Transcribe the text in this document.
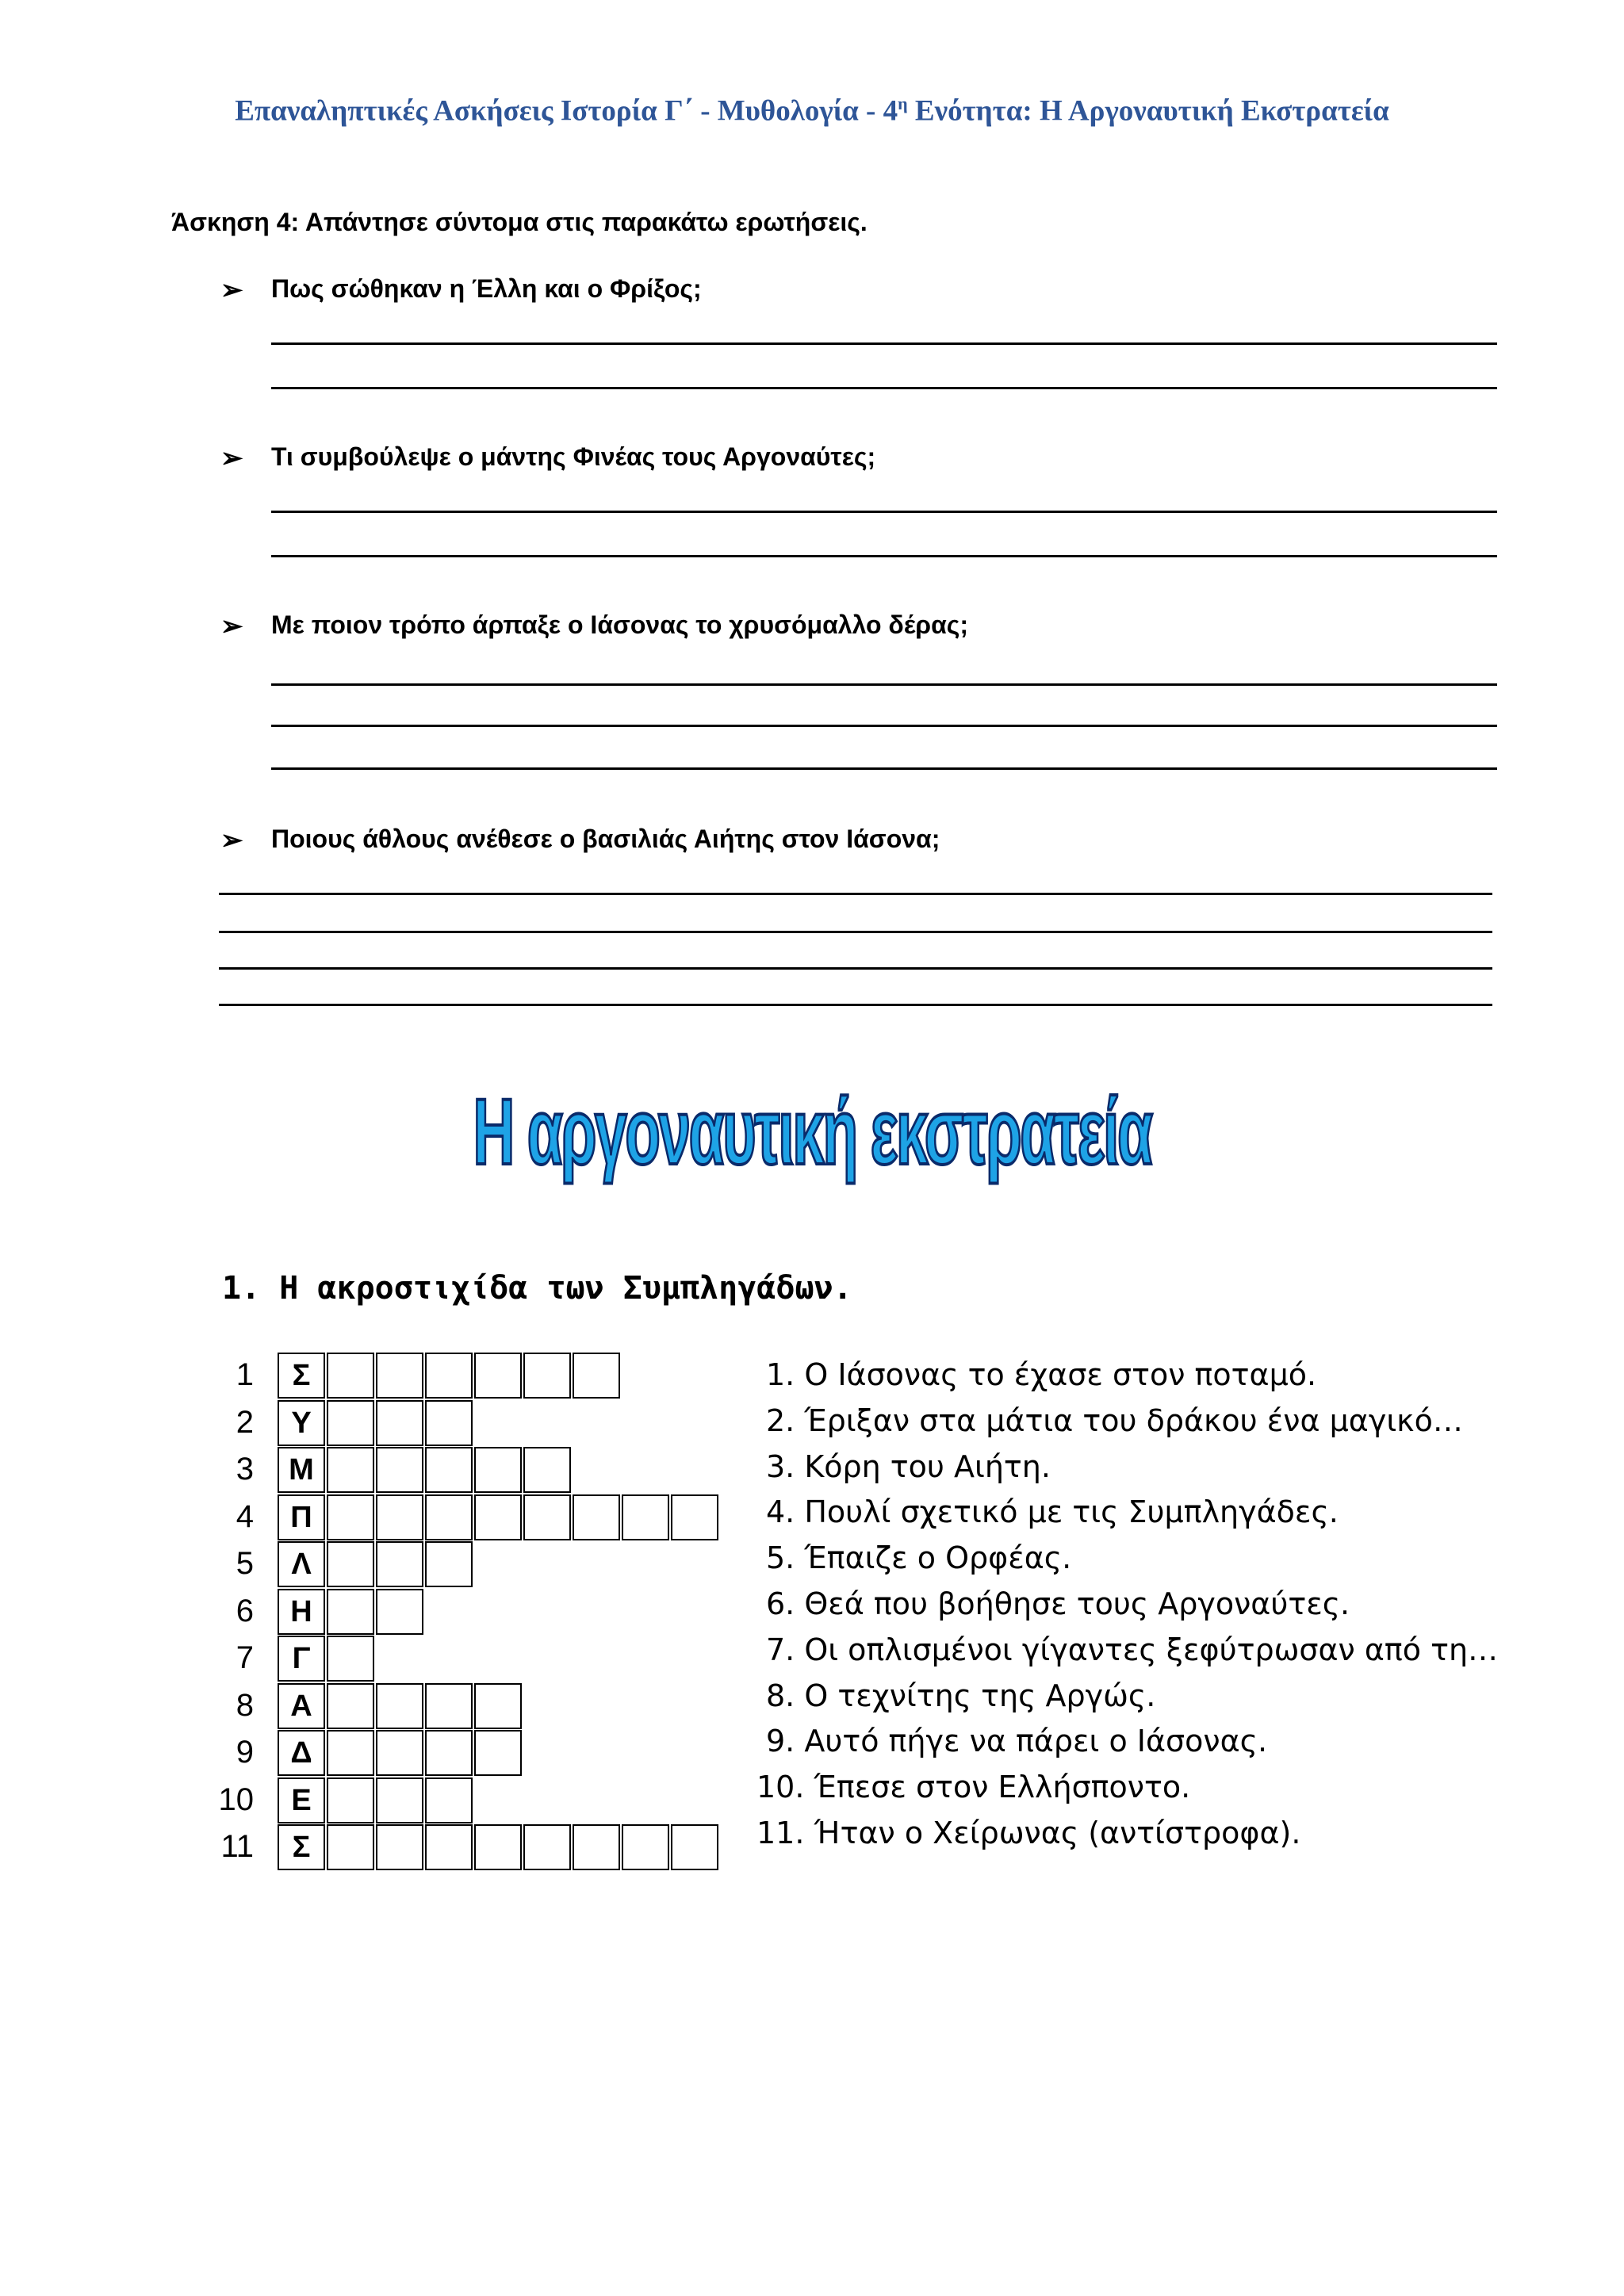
Επαναληπτικές Ασκήσεις Ιστορία Γ΄ - Μυθολογία - $4^\eta$ Ενότητα: Η Αργοναυτική Εκστρατεία
Άσκηση 4: Απάντησε σύντομα στις παρακάτω ερωτήσεις.
➢ Πως σώθηκαν η Έλλη και ο Φρίξος;
➢ Τι συμβούλεψε ο μάντης Φινέας τους Αργοναύτες;
➢ Με ποιον τρόπο άρπαξε ο Ιάσονας το χρυσόμαλλο δέρας;
➢ Ποιους άθλους ανέθεσε ο βασιλιάς Αιήτης στον Ιάσονα;
Η αργοναυτική εκστρατεία
1. Η ακροστιχίδα των Συμπληγάδων.
1	Σ
2	Υ
3	Μ
4	Π
5	Λ
6	Η
7	Γ
8	Α
9	Δ
10	Ε
11	Σ
1. Ο Ιάσονας το έχασε στον ποταμό.
2. Έριξαν στα μάτια του δράκου ένα μαγικό…
3. Κόρη του Αιήτη.
4. Πουλί σχετικό με τις Συμπληγάδες.
5. Έπαιζε ο Ορφέας.
6. Θεά που βοήθησε τους Αργοναύτες.
7. Οι οπλισμένοι γίγαντες ξεφύτρωσαν από τη…
8. Ο τεχνίτης της Αργώς.
9. Αυτό πήγε να πάρει ο Ιάσονας.
10. Έπεσε στον Ελλήσποντο.
11. Ήταν ο Χείρωνας (αντίστροφα).
